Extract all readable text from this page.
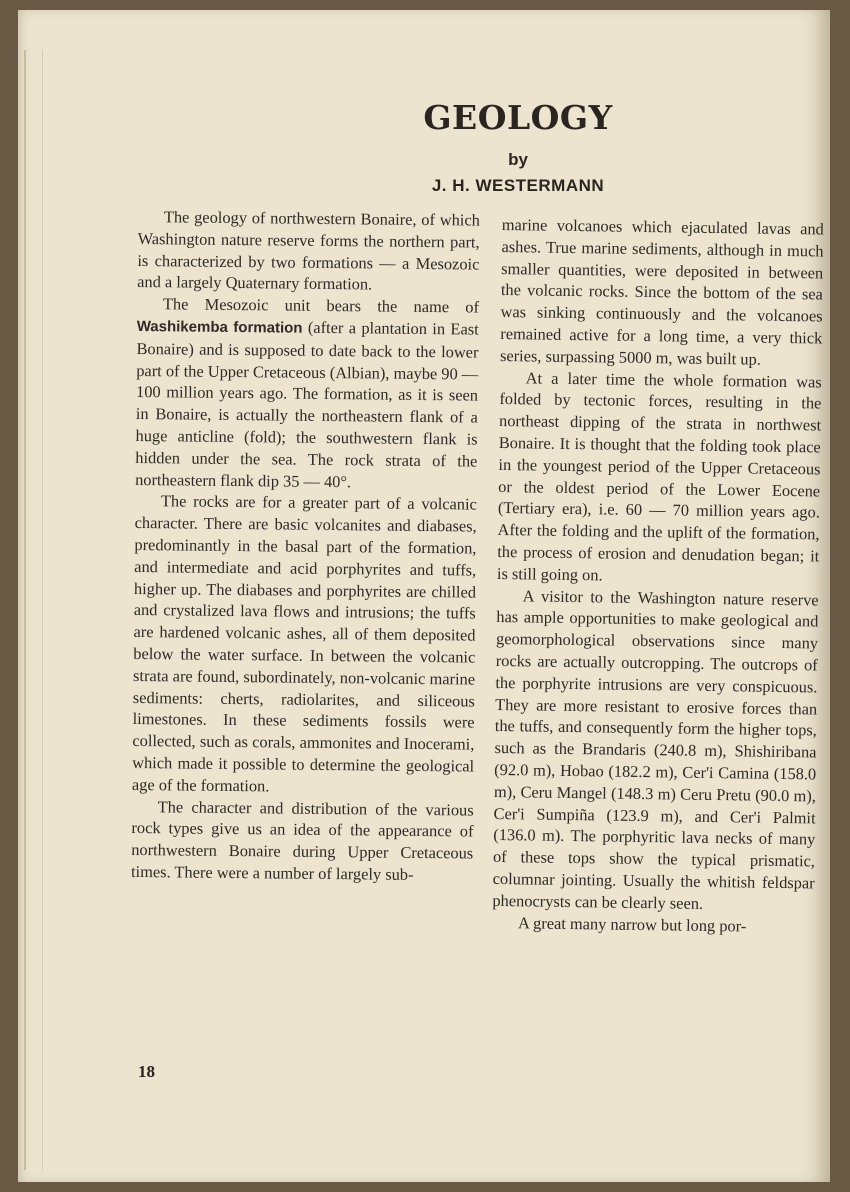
GEOLOGY
by
J. H. WESTERMANN

The geology of northwestern Bonaire, of which Washington nature reserve forms the northern part, is characterized by two formations — a Mesozoic and a largely Quaternary formation.

The Mesozoic unit bears the name of Washikemba formation (after a plantation in East Bonaire) and is supposed to date back to the lower part of the Upper Cretaceous (Albian), maybe 90 — 100 million years ago. The formation, as it is seen in Bonaire, is actually the northeastern flank of a huge anticline (fold); the southwestern flank is hidden under the sea. The rock strata of the northeastern flank dip 35 — 40°.

The rocks are for a greater part of a volcanic character. There are basic volcanites and diabases, predominantly in the basal part of the formation, and intermediate and acid porphyrites and tuffs, higher up. The diabases and porphyrites are chilled and crystalized lava flows and intrusions; the tuffs are hardened volcanic ashes, all of them deposited below the water surface. In between the volcanic strata are found, subordinately, non-volcanic marine sediments: cherts, radiolarites, and siliceous limestones. In these sediments fossils were collected, such as corals, ammonites and Inocerami, which made it possible to determine the geological age of the formation.

The character and distribution of the various rock types give us an idea of the appearance of northwestern Bonaire during Upper Cretaceous times. There were a number of largely sub-

marine volcanoes which ejaculated lavas and ashes. True marine sediments, although in much smaller quantities, were deposited in between the volcanic rocks. Since the bottom of the sea was sinking continuously and the volcanoes remained active for a long time, a very thick series, surpassing 5000 m, was built up.

At a later time the whole formation was folded by tectonic forces, resulting in the northeast dipping of the strata in northwest Bonaire. It is thought that the folding took place in the youngest period of the Upper Cretaceous or the oldest period of the Lower Eocene (Tertiary era), i.e. 60 — 70 million years ago. After the folding and the uplift of the formation, the process of erosion and denudation began; it is still going on.

A visitor to the Washington nature reserve has ample opportunities to make geological and geomorphological observations since many rocks are actually outcropping. The outcrops of the porphyrite intrusions are very conspicuous. They are more resistant to erosive forces than the tuffs, and consequently form the higher tops, such as the Brandaris (240.8 m), Shishiribana (92.0 m), Hobao (182.2 m), Cer'i Camina (158.0 m), Ceru Mangel (148.3 m) Ceru Pretu (90.0 m), Cer'i Sumpiña (123.9 m), and Cer'i Palmit (136.0 m). The porphyritic lava necks of many of these tops show the typical prismatic, columnar jointing. Usually the whitish feldspar phenocrysts can be clearly seen.

A great many narrow but long por-

18
